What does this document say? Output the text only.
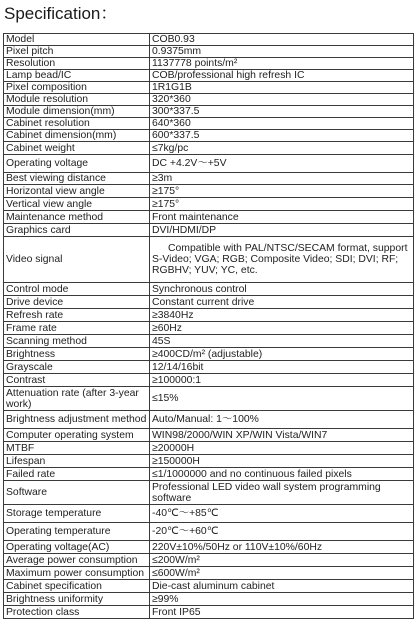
Specification：
Model	COB0.93
Pixel pitch	0.9375mm
Resolution	1137778 points/m²
Lamp bead/IC	COB/professional high refresh IC
Pixel composition	1R1G1B
Module resolution	320*360
Module dimension(mm)	300*337.5
Cabinet resolution	640*360
Cabinet dimension(mm)	600*337.5
Cabinet weight	≤7kg/pc
Operating voltage	DC +4.2V～+5V
Best viewing distance	≥3m
Horizontal view angle	≥175°
Vertical view angle	≥175°
Maintenance method	Front maintenance
Graphics card	DVI/HDMI/DP
Video signal	Compatible with PAL/NTSC/SECAM format, support S-Video; VGA; RGB; Composite Video; SDI; DVI; RF; RGBHV; YUV; YC, etc.
Control mode	Synchronous control
Drive device	Constant current drive
Refresh rate	≥3840Hz
Frame rate	≥60Hz
Scanning method	45S
Brightness	≥400CD/m² (adjustable)
Grayscale	12/14/16bit
Contrast	≥100000:1
Attenuation rate (after 3-year work)	≤15%
Brightness adjustment method	Auto/Manual: 1～100%
Computer operating system	WIN98/2000/WIN XP/WIN Vista/WIN7
MTBF	≥20000H
Lifespan	≥150000H
Failed rate	≤1/1000000 and no continuous failed pixels
Software	Professional LED video wall system programming software
Storage temperature	-40℃～+85℃
Operating temperature	-20℃～+60℃
Operating voltage(AC)	220V±10%/50Hz or 110V±10%/60Hz
Average power consumption	≤200W/m²
Maximum power consumption	≤600W/m²
Cabinet specification	Die-cast aluminum cabinet
Brightness uniformity	≥99%
Protection class	Front IP65
